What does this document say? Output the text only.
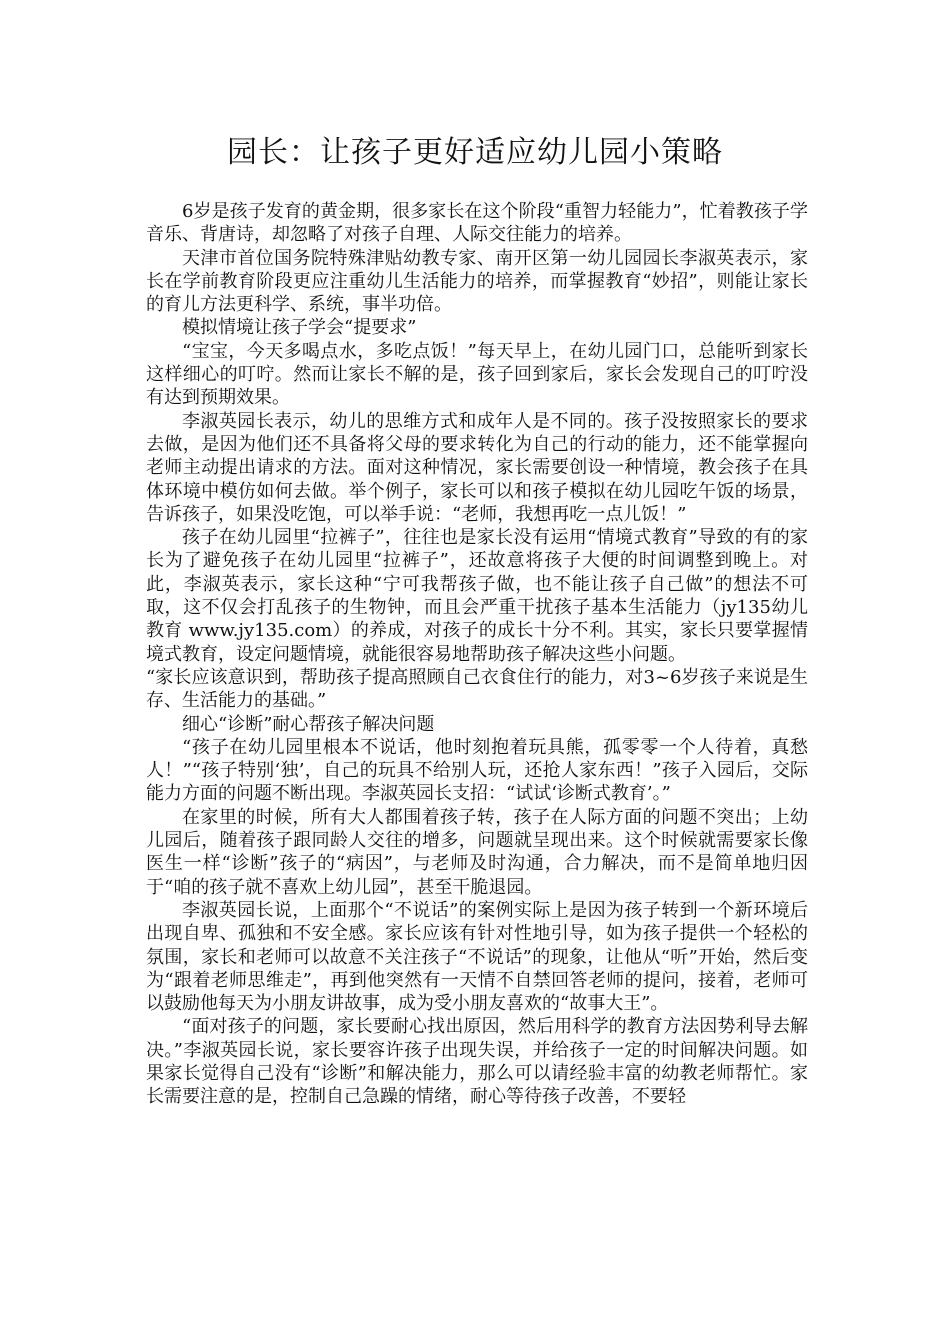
园长：让孩子更好适应幼儿园小策略

6岁是孩子发育的黄金期，很多家长在这个阶段“重智力轻能力”，忙着教孩子学音乐、背唐诗，却忽略了对孩子自理、人际交往能力的培养。

天津市首位国务院特殊津贴幼教专家、南开区第一幼儿园园长李淑英表示，家长在学前教育阶段更应注重幼儿生活能力的培养，而掌握教育“妙招”，则能让家长的育儿方法更科学、系统，事半功倍。

模拟情境让孩子学会“提要求”

“宝宝，今天多喝点水，多吃点饭！”每天早上，在幼儿园门口，总能听到家长这样细心的叮咛。然而让家长不解的是，孩子回到家后，家长会发现自己的叮咛没有达到预期效果。

李淑英园长表示，幼儿的思维方式和成年人是不同的。孩子没按照家长的要求去做，是因为他们还不具备将父母的要求转化为自己的行动的能力，还不能掌握向老师主动提出请求的方法。面对这种情况，家长需要创设一种情境，教会孩子在具体环境中模仿如何去做。举个例子，家长可以和孩子模拟在幼儿园吃午饭的场景，告诉孩子，如果没吃饱，可以举手说：“老师，我想再吃一点儿饭！”

孩子在幼儿园里“拉裤子”，往往也是家长没有运用“情境式教育”导致的有的家长为了避免孩子在幼儿园里“拉裤子”，还故意将孩子大便的时间调整到晚上。对此，李淑英表示，家长这种“宁可我帮孩子做，也不能让孩子自己做”的想法不可取，这不仅会打乱孩子的生物钟，而且会严重干扰孩子基本生活能力（jy135幼儿教育 www.jy135.com）的养成，对孩子的成长十分不利。其实，家长只要掌握情境式教育，设定问题情境，就能很容易地帮助孩子解决这些小问题。

“家长应该意识到，帮助孩子提高照顾自己衣食住行的能力，对3~6岁孩子来说是生存、生活能力的基础。”

细心“诊断”耐心帮孩子解决问题

“孩子在幼儿园里根本不说话，他时刻抱着玩具熊，孤零零一个人待着，真愁人！”“孩子特别‘独’，自己的玩具不给别人玩，还抢人家东西！”孩子入园后，交际能力方面的问题不断出现。李淑英园长支招：“试试‘诊断式教育’。”

在家里的时候，所有大人都围着孩子转，孩子在人际方面的问题不突出；上幼儿园后，随着孩子跟同龄人交往的增多，问题就呈现出来。这个时候就需要家长像医生一样“诊断”孩子的“病因”，与老师及时沟通，合力解决，而不是简单地归因于“咱的孩子就不喜欢上幼儿园”，甚至干脆退园。

李淑英园长说，上面那个“不说话”的案例实际上是因为孩子转到一个新环境后出现自卑、孤独和不安全感。家长应该有针对性地引导，如为孩子提供一个轻松的氛围，家长和老师可以故意不关注孩子“不说话”的现象，让他从“听”开始，然后变为“跟着老师思维走”，再到他突然有一天情不自禁回答老师的提问，接着，老师可以鼓励他每天为小朋友讲故事，成为受小朋友喜欢的“故事大王”。

“面对孩子的问题，家长要耐心找出原因，然后用科学的教育方法因势利导去解决。”李淑英园长说，家长要容许孩子出现失误，并给孩子一定的时间解决问题。如果家长觉得自己没有“诊断”和解决能力，那么可以请经验丰富的幼教老师帮忙。家长需要注意的是，控制自己急躁的情绪，耐心等待孩子改善，不要轻
